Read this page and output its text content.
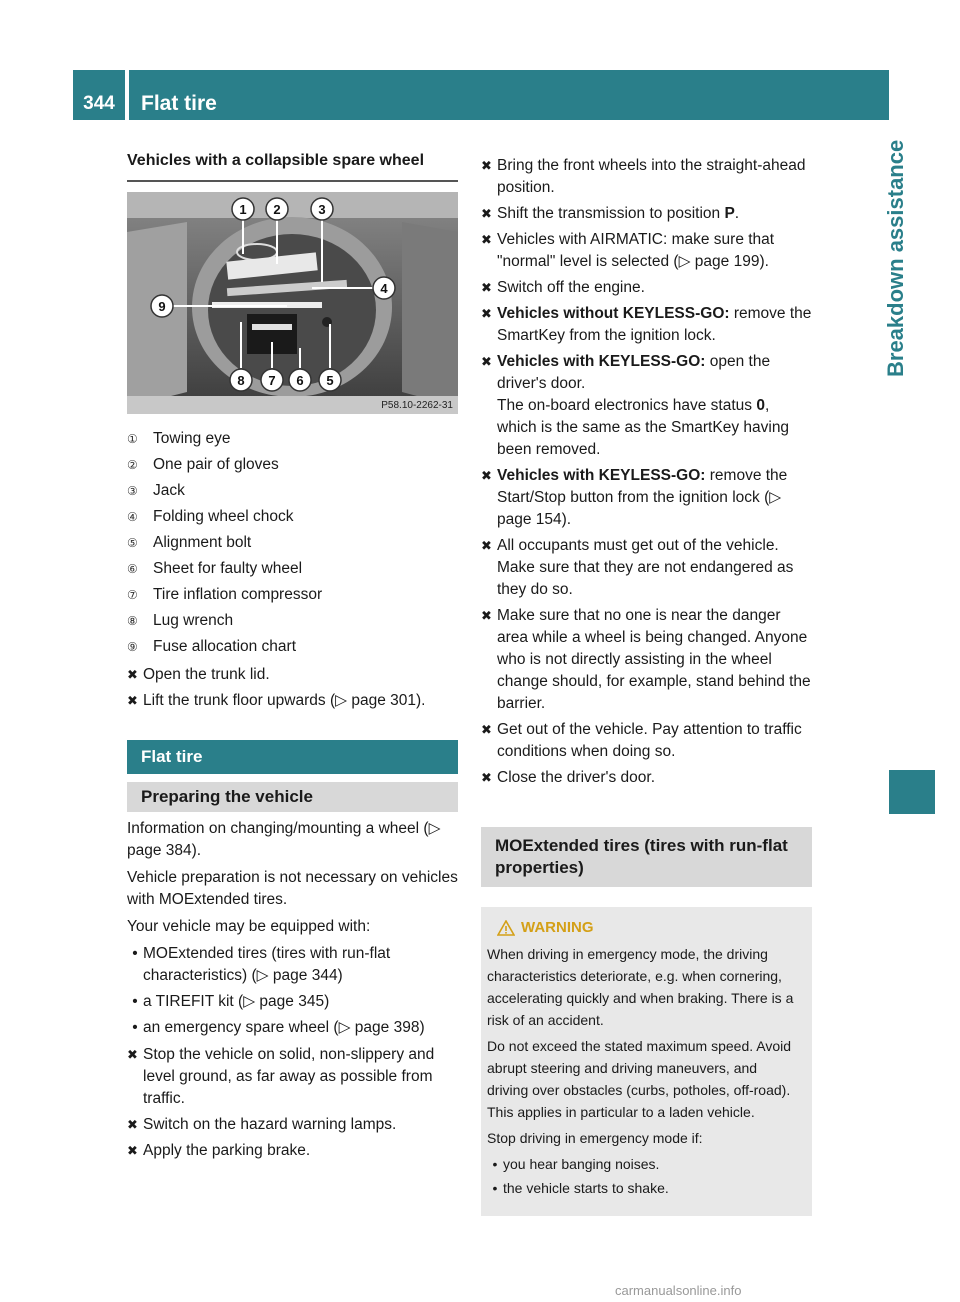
344	Flat tire
Breakdown assistance
Vehicles with a collapsible spare wheel
1 2	3
4
5
6
7
8
9
P58.10-2262-31
① Towing eye
② One pair of gloves
③ Jack
④ Folding wheel chock
⑤ Alignment bolt
⑥ Sheet for faulty wheel
⑦ Tire inflation compressor
⑧ Lug wrench
⑨ Fuse allocation chart
✖ Open the trunk lid.
✖ Lift the trunk floor upwards (▷ page 301).
Flat tire
Preparing the vehicle

Information on changing/mounting a wheel (▷ page 384).

Vehicle preparation is not necessary on vehicles with MOExtended tires.

Your vehicle may be equipped with:

• MOExtended tires (tires with run-flat characteristics) (▷ page 344)
• a TIREFIT kit (▷ page 345)
• an emergency spare wheel (▷ page 398)
✖ Stop the vehicle on solid, non-slippery and level ground, as far away as possible from traffic.
✖ Switch on the hazard warning lamps.
✖ Apply the parking brake.
✖ Bring the front wheels into the straight-ahead position.
✖ Shift the transmission to position P.
✖ Vehicles with AIRMATIC: make sure that "normal" level is selected (▷ page 199).
✖ Switch off the engine.
✖ Vehicles without KEYLESS-GO: remove the SmartKey from the ignition lock.
✖ Vehicles with KEYLESS-GO: open the driver's door.
The on-board electronics have status 0, which is the same as the SmartKey having been removed.
✖ Vehicles with KEYLESS-GO: remove the Start/Stop button from the ignition lock (▷ page 154).
✖ All occupants must get out of the vehicle. Make sure that they are not endangered as they do so.
✖ Make sure that no one is near the danger area while a wheel is being changed. Anyone who is not directly assisting in the wheel change should, for example, stand behind the barrier.
✖ Get out of the vehicle. Pay attention to traffic conditions when doing so.
✖ Close the driver's door.
MOExtended tires (tires with run-flat properties)
WARNING

When driving in emergency mode, the driving characteristics deteriorate, e.g. when cornering, accelerating quickly and when braking. There is a risk of an accident.

Do not exceed the stated maximum speed. Avoid abrupt steering and driving maneuvers, and driving over obstacles (curbs, potholes, off-road). This applies in particular to a laden vehicle.

Stop driving in emergency mode if:

• you hear banging noises.
• the vehicle starts to shake.
carmanualsonline.info
